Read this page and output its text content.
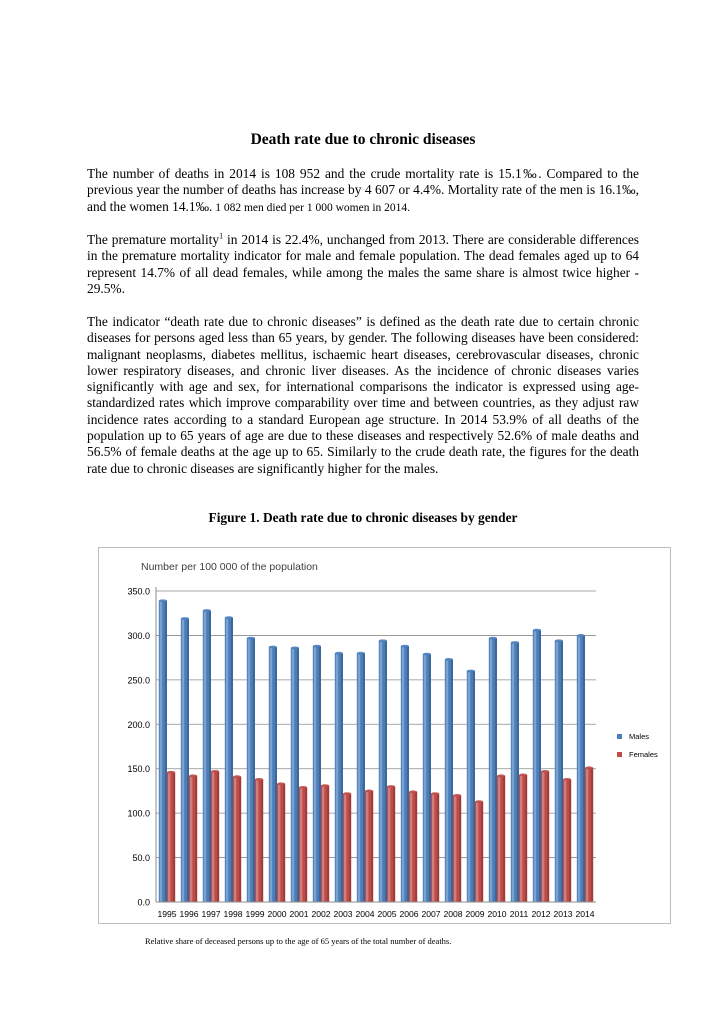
Death rate due to chronic diseases

The number of deaths in 2014 is 108 952 and the crude mortality rate is 15.1‰. Compared to the previous year the number of deaths has increase by 4 607 or 4.4%. Mortality rate of the men is 16.1‰, and the women 14.1‰. 1 082 men died per 1 000 women in 2014.

The premature mortality$^1$ in 2014 is 22.4%, unchanged from 2013. There are considerable differences in the premature mortality indicator for male and female population. The dead females aged up to 64 represent 14.7% of all dead females, while among the males the same share is almost twice higher - 29.5%.

The indicator “death rate due to chronic diseases” is defined as the death rate due to certain chronic diseases for persons aged less than 65 years, by gender. The following diseases have been considered: malignant neoplasms, diabetes mellitus, ischaemic heart diseases, cerebrovascular diseases, chronic lower respiratory diseases, and chronic liver diseases. As the incidence of chronic diseases varies significantly with age and sex, for international comparisons the indicator is expressed using age-standardized rates which improve comparability over time and between countries, as they adjust raw incidence rates according to a standard European age structure. In 2014 53.9% of all deaths of the population up to 65 years of age are due to these diseases and respectively 52.6% of male deaths and 56.5% of female deaths at the age up to 65. Similarly to the crude death rate, the figures for the death rate due to chronic diseases are significantly higher for the males.

Figure 1. Death rate due to chronic diseases by gender
Number per 100 000 of the population
0.0
50.0
100.0
150.0
200.0
250.0
300.0
350.0
1995 1996 1997 1998 1999 2000 2001 2002 2003 2004 2005 2006 2007 2008 2009 2010 2011 2012 2013 2014
Males
Females
Relative share of deceased persons up to the age of 65 years of the total number of deaths.
